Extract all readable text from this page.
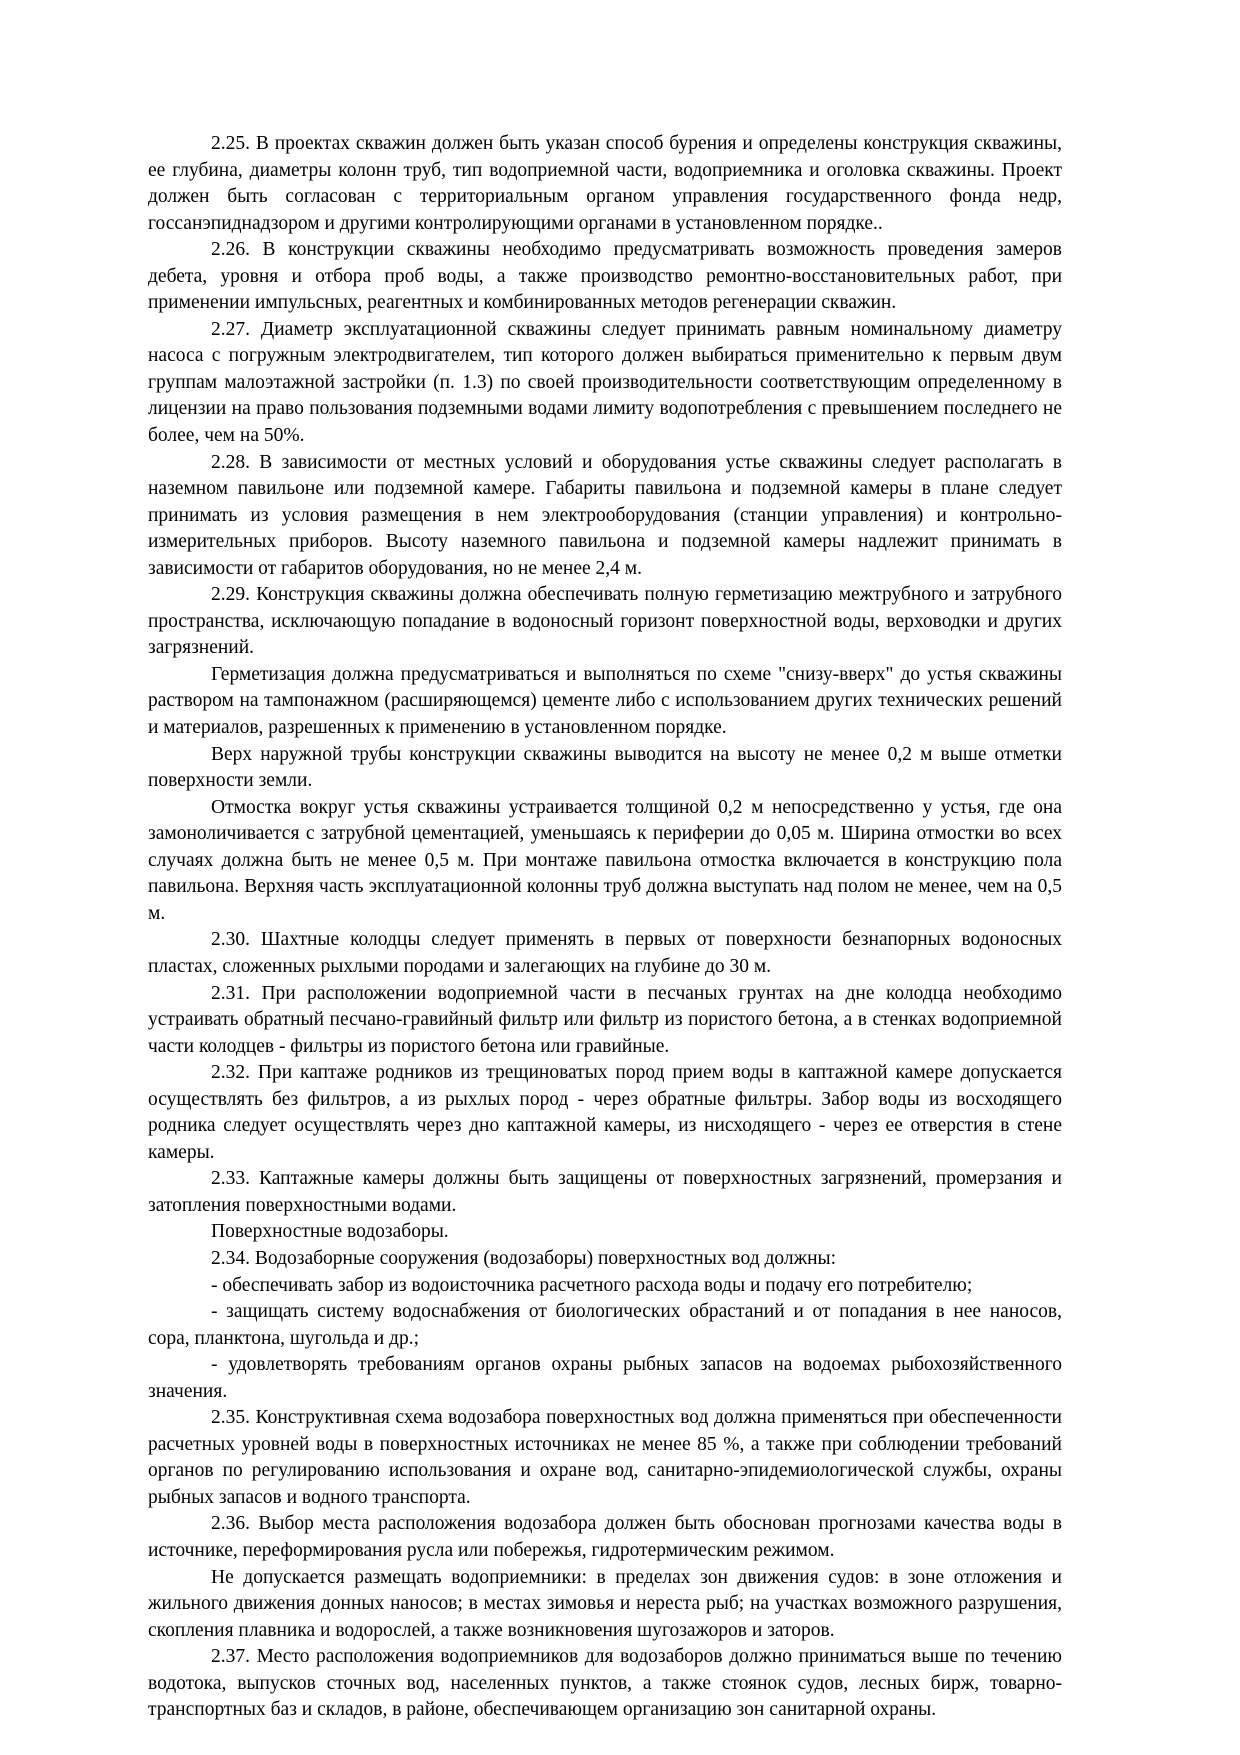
2.25. В проектах скважин должен быть указан способ бурения и определены конструкция скважины, ее глубина, диаметры колонн труб, тип водоприемной части, водоприемника и оголовка скважины. Проект должен быть согласован с территориальным органом управления государственного фонда недр, госсанэпиднадзором и другими контролирующими органами в установленном порядке..

2.26. В конструкции скважины необходимо предусматривать возможность проведения замеров дебета, уровня и отбора проб воды, а также производство ремонтно-восстановительных работ, при применении импульсных, реагентных и комбинированных методов регенерации скважин.

2.27. Диаметр эксплуатационной скважины следует принимать равным номинальному диаметру насоса с погружным электродвигателем, тип которого должен выбираться применительно к первым двум группам малоэтажной застройки (п. 1.3) по своей производительности соответствующим определенному в лицензии на право пользования подземными водами лимиту водопотребления с превышением последнего не более, чем на 50%.

2.28. В зависимости от местных условий и оборудования устье скважины следует располагать в наземном павильоне или подземной камере. Габариты павильона и подземной камеры в плане следует принимать из условия размещения в нем электрооборудования (станции управления) и контрольно-измерительных приборов. Высоту наземного павильона и подземной камеры надлежит принимать в зависимости от габаритов оборудования, но не менее 2,4 м.

2.29. Конструкция скважины должна обеспечивать полную герметизацию межтрубного и затрубного пространства, исключающую попадание в водоносный горизонт поверхностной воды, верховодки и других загрязнений.

Герметизация должна предусматриваться и выполняться по схеме "снизу-вверх" до устья скважины раствором на тампонажном (расширяющемся) цементе либо с использованием других технических решений и материалов, разрешенных к применению в установленном порядке.

Верх наружной трубы конструкции скважины выводится на высоту не менее 0,2 м выше отметки поверхности земли.

Отмостка вокруг устья скважины устраивается толщиной 0,2 м непосредственно у устья, где она замоноличивается с затрубной цементацией, уменьшаясь к периферии до 0,05 м. Ширина отмостки во всех случаях должна быть не менее 0,5 м. При монтаже павильона отмостка включается в конструкцию пола павильона. Верхняя часть эксплуатационной колонны труб должна выступать над полом не менее, чем на 0,5 м.

2.30. Шахтные колодцы следует применять в первых от поверхности безнапорных водоносных пластах, сложенных рыхлыми породами и залегающих на глубине до 30 м.

2.31. При расположении водоприемной части в песчаных грунтах на дне колодца необходимо устраивать обратный песчано-гравийный фильтр или фильтр из пористого бетона, а в стенках водоприемной части колодцев - фильтры из пористого бетона или гравийные.

2.32. При каптаже родников из трещиноватых пород прием воды в каптажной камере допускается осуществлять без фильтров, а из рыхлых пород - через обратные фильтры. Забор воды из восходящего родника следует осуществлять через дно каптажной камеры, из нисходящего - через ее отверстия в стене камеры.

2.33. Каптажные камеры должны быть защищены от поверхностных загрязнений, промерзания и затопления поверхностными водами.

Поверхностные водозаборы.

2.34. Водозаборные сооружения (водозаборы) поверхностных вод должны:

- обеспечивать забор из водоисточника расчетного расхода воды и подачу его потребителю;

- защищать систему водоснабжения от биологических обрастаний и от попадания в нее наносов, сора, планктона, шугольда и др.;

- удовлетворять требованиям органов охраны рыбных запасов на водоемах рыбохозяйственного значения.

2.35. Конструктивная схема водозабора поверхностных вод должна применяться при обеспеченности расчетных уровней воды в поверхностных источниках не менее 85 %, а также при соблюдении требований органов по регулированию использования и охране вод, санитарно-эпидемиологической службы, охраны рыбных запасов и водного транспорта.

2.36. Выбор места расположения водозабора должен быть обоснован прогнозами качества воды в источнике, переформирования русла или побережья, гидротермическим режимом.

Не допускается размещать водоприемники: в пределах зон движения судов: в зоне отложения и жильного движения донных наносов; в местах зимовья и нереста рыб; на участках возможного разрушения, скопления плавника и водорослей, а также возникновения шугозажоров и заторов.

2.37. Место расположения водоприемников для водозаборов должно приниматься выше по течению водотока, выпусков сточных вод, населенных пунктов, а также стоянок судов, лесных бирж, товарно-транспортных баз и складов, в районе, обеспечивающем организацию зон санитарной охраны.
